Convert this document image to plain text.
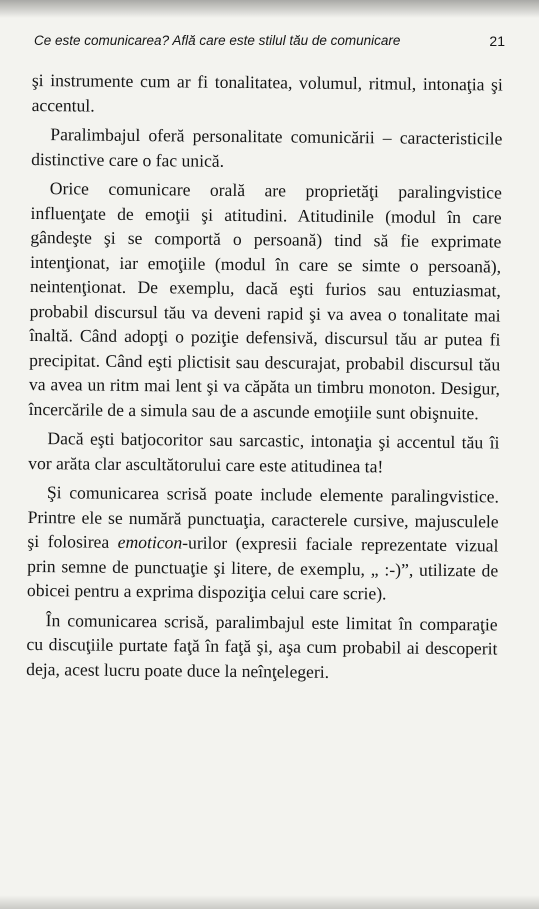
Ce este comunicarea? Află care este stilul tău de comunicare	21

şi instrumente cum ar fi tonalitatea, volumul, ritmul, intonaţia şi accentul.

Paralimbajul oferă personalitate comunicării – caracteristicile distinctive care o fac unică.

Orice comunicare orală are proprietăţi paralingvistice influenţate de emoţii şi atitudini. Atitudinile (modul în care gândeşte şi se comportă o persoană) tind să fie exprimate intenţionat, iar emoţiile (modul în care se simte o persoană), neintenţionat. De exemplu, dacă eşti furios sau entuziasmat, probabil discursul tău va deveni rapid şi va avea o tonalitate mai înaltă. Când adopţi o poziţie defensivă, discursul tău ar putea fi precipitat. Când eşti plictisit sau descurajat, probabil discursul tău va avea un ritm mai lent şi va căpăta un timbru monoton. Desigur, încercările de a simula sau de a ascunde emoţiile sunt obişnuite.

Dacă eşti batjocoritor sau sarcastic, intonaţia şi accentul tău îi vor arăta clar ascultătorului care este atitudinea ta!

Şi comunicarea scrisă poate include elemente paralingvistice. Printre ele se numără punctuaţia, caracterele cursive, majusculele şi folosirea emoticon-urilor (expresii faciale reprezentate vizual prin semne de punctuaţie şi litere, de exemplu, „ :-)”, utilizate de obicei pentru a exprima dispoziţia celui care scrie).

În comunicarea scrisă, paralimbajul este limitat în comparaţie cu discuţiile purtate faţă în faţă şi, aşa cum probabil ai descoperit deja, acest lucru poate duce la neînţelegeri.
